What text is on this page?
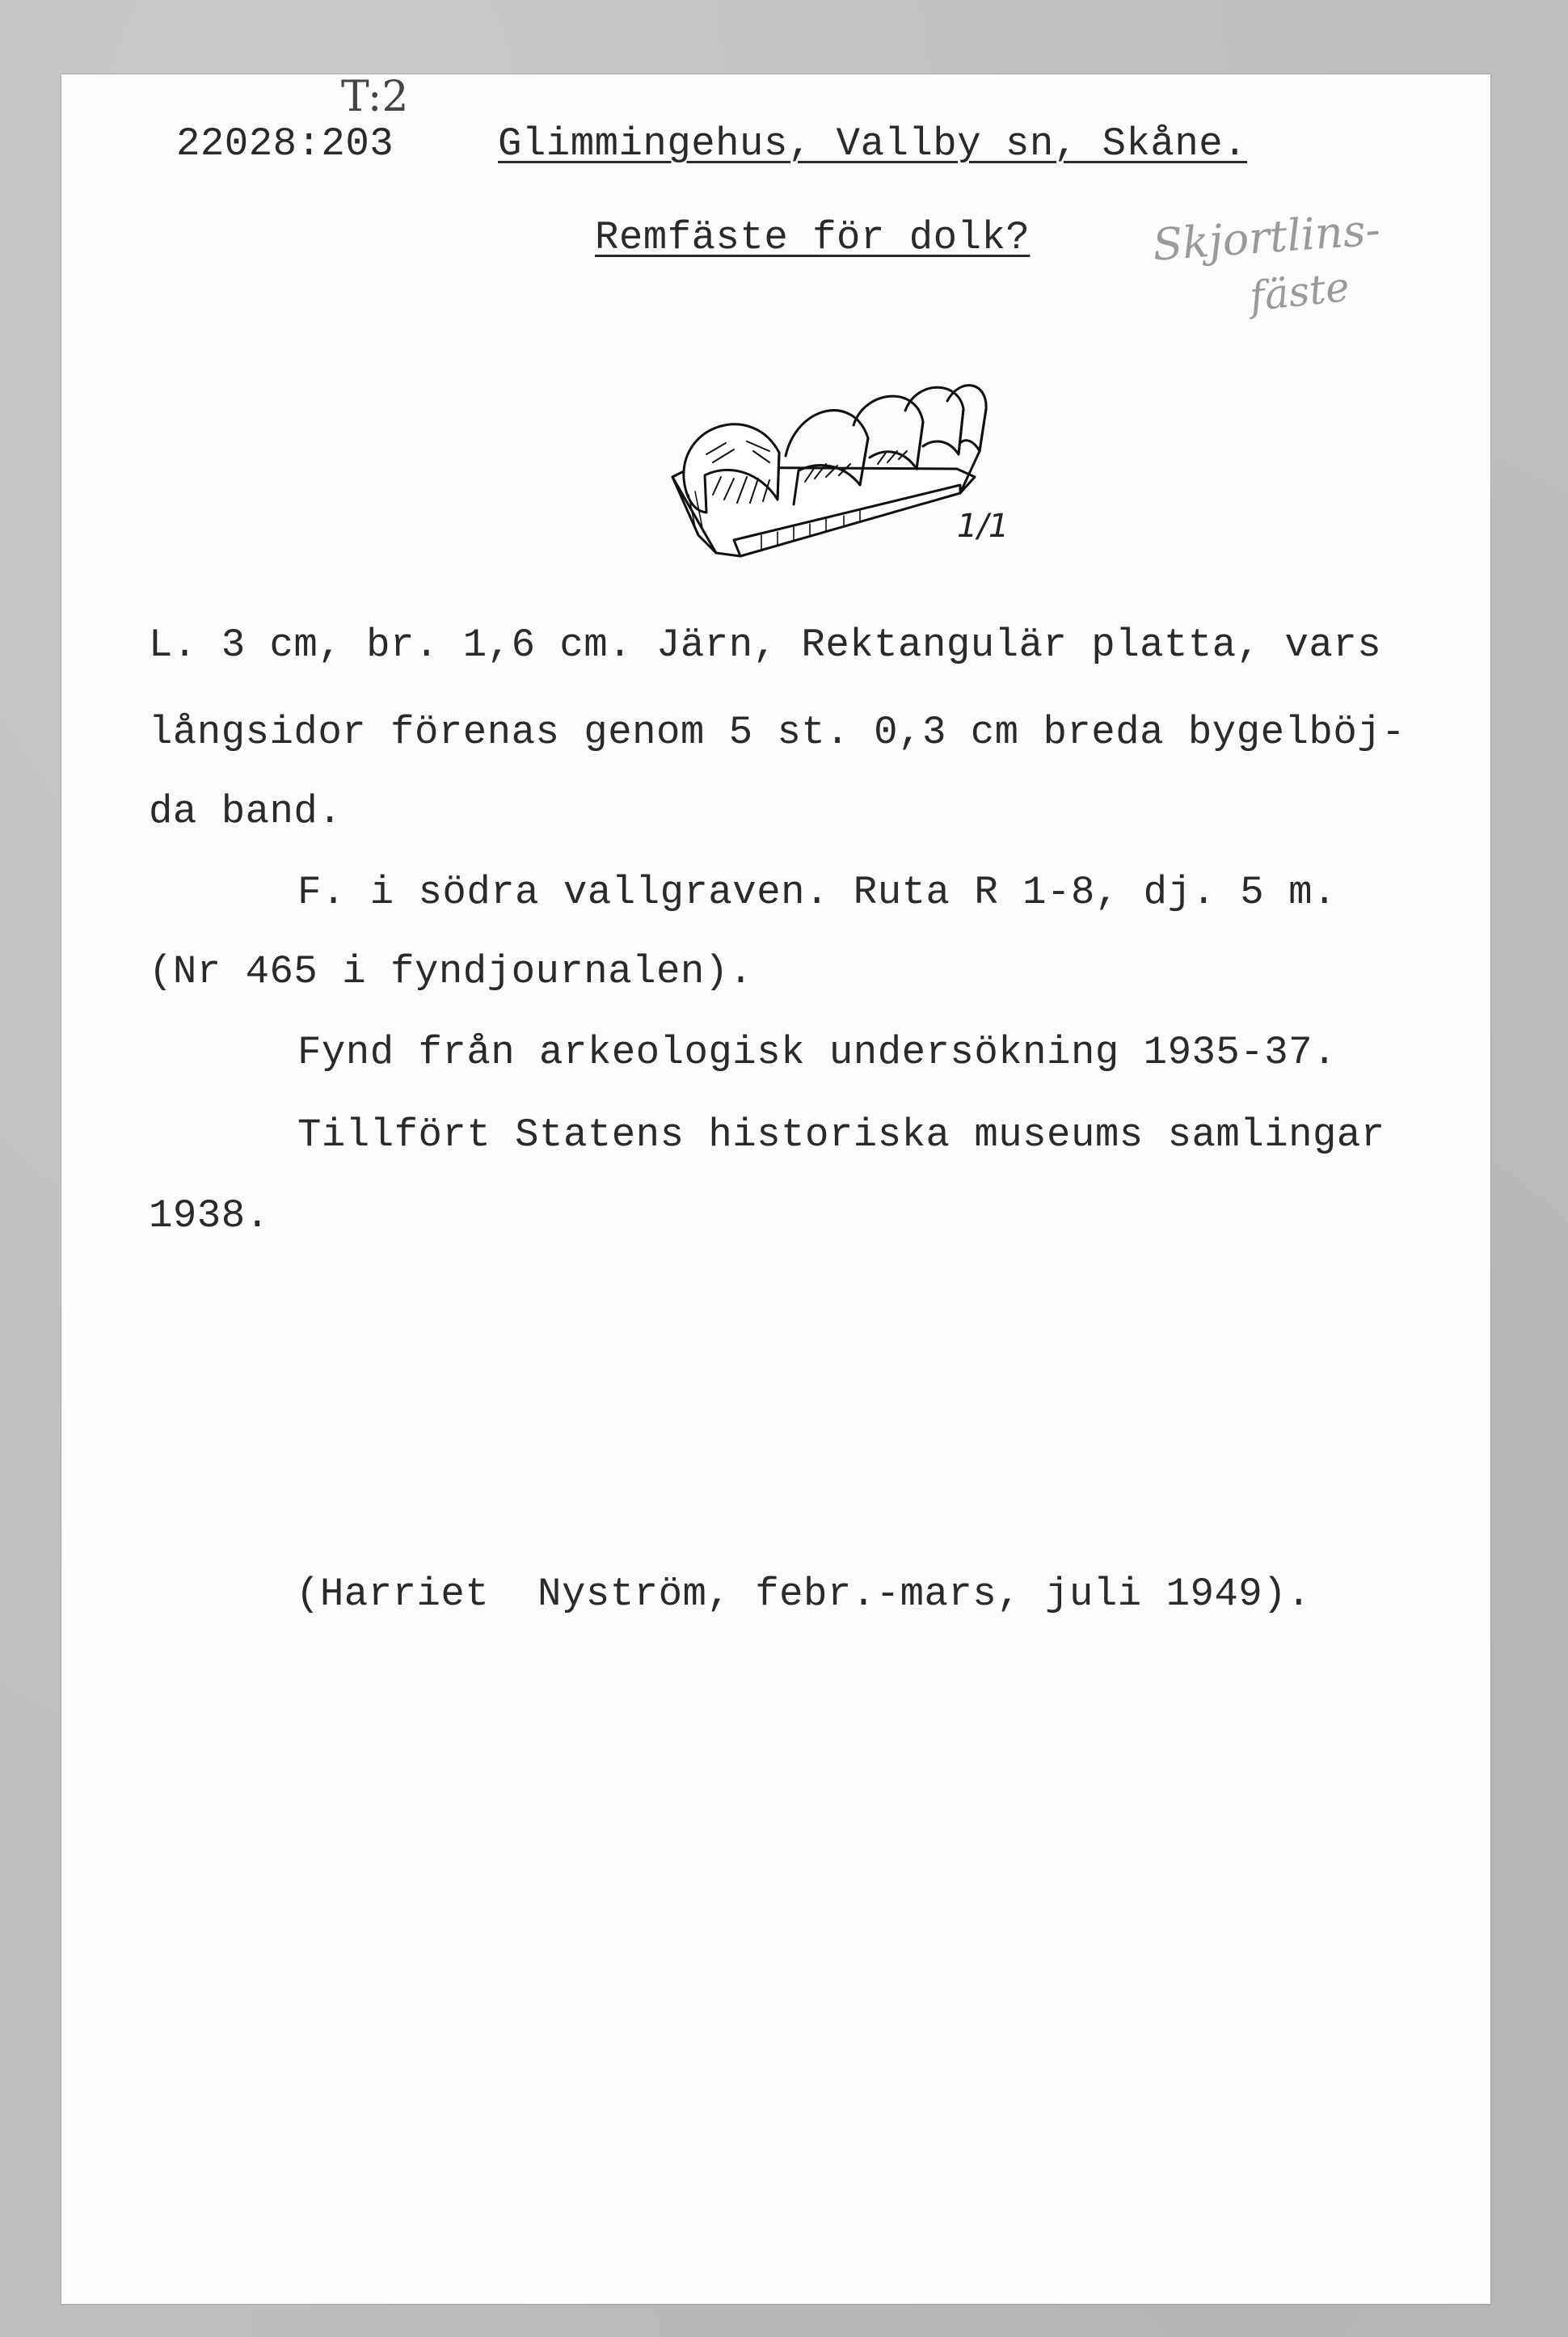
T:2
22028:203	Glimmingehus, Vallby sn, Skåne.
Remfäste för dolk?	Skjortlins-
fäste
1/1
L. 3 cm, br. 1,6 cm. Järn, Rektangulär platta, vars
långsidor förenas genom 5 st. 0,3 cm breda bygelböj-
da band.
F. i södra vallgraven. Ruta R 1-8, dj. 5 m.
(Nr 465 i fyndjournalen).
Fynd från arkeologisk undersökning 1935-37.
Tillfört Statens historiska museums samlingar
1938.
(Harriet  Nyström, febr.-mars, juli 1949).
